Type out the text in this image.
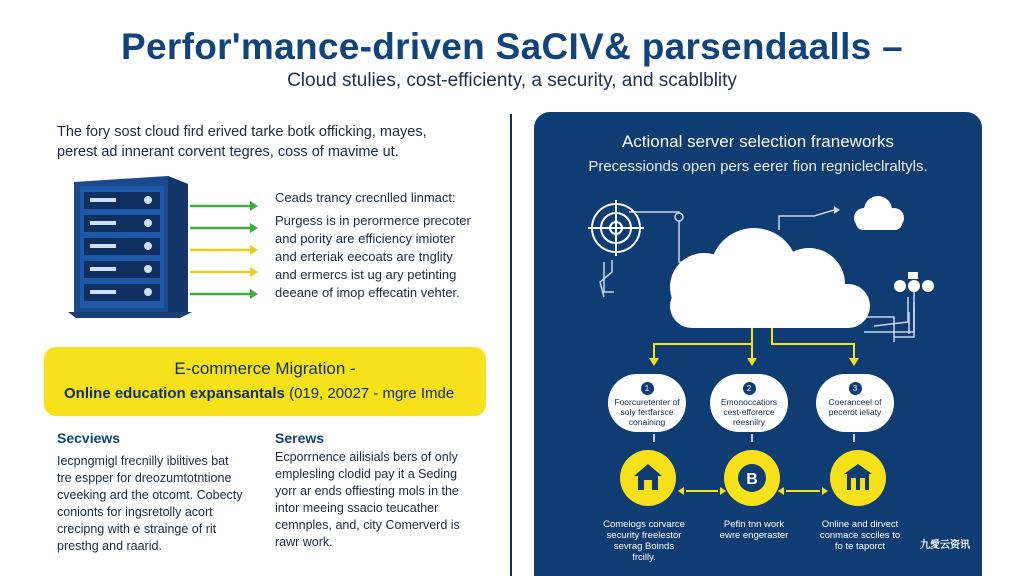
Perfor'mance-driven SaCIV& parsendaalls –
Cloud stulies, cost-efficienty, a security, and scablblity
The fory sost cloud fird erived tarke botk officking, mayes,
perest ad innerant corvent tegres, coss of mavime ut.
Ceads trancy crecnlled linmact:
Purgess is in perormerce precoter
and pority are efficiency imioter
and erteriak eecoats are tnglity
and ermercs ist ug ary petinting
deeane of imop effecatin vehter.
E-commerce Migration -
Online education expansantals (019, 20027 - mgre Imde
Secviews
Iecpngmigl frecnilly ibiitives bat
tre espper for dreozumtotntione
cveeking ard the otcomt. Cobecty
conionts for ingsretolly acort
crecipng with e strainge of rit
presthg and raarid.
Serews
Ecporrnence ailisials bers of only
emplesling clodid pay it a Seding
yorr ar ends offiesting mols in the
intor meeing ssacio teucather
cemnples, and, city Comerverd is
rawr work.
Actional server selection franeworks
Precessionds open pers eerer fion regnicleclraltyls.
1
Foorcuretenter of
soly fertfarsce
conaining
2
Emonoccatiors
cest-effcrerce
reesnilry
3
Coeranceel of
pecerot ieliaty
B
Comelogs corvarce
security freelestor
sevrag Boinds
frcilly.
Pefin tnn work
ewre engeraster
Online and dirvect
conmace scciles to
fo te taporct	九愛云资讯
